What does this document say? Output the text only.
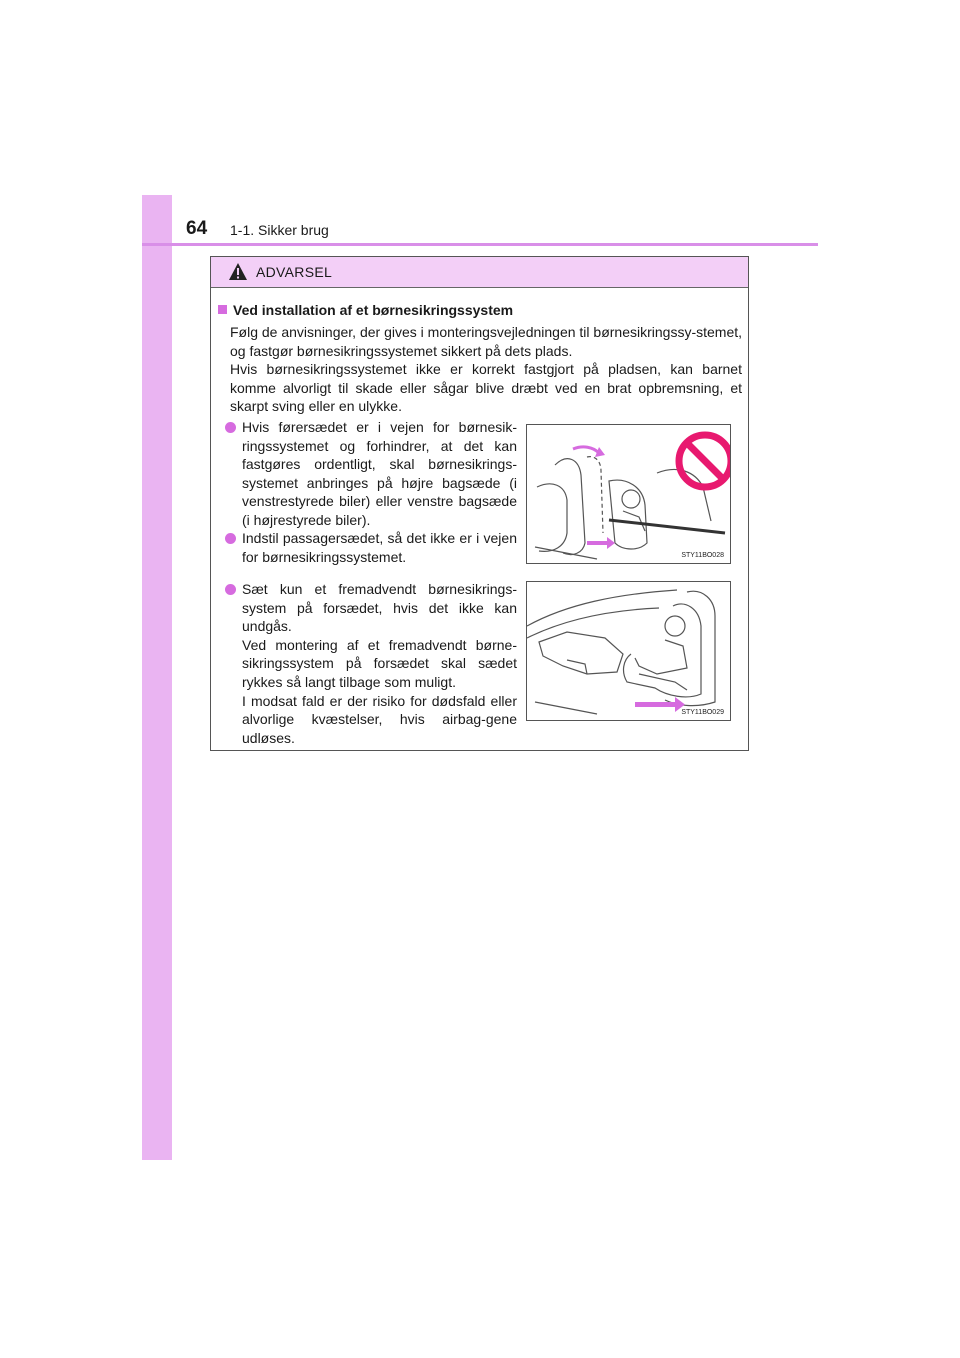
64 1-1. Sikker brug
ADVARSEL
Ved installation af et børnesikringssystem

Følg de anvisninger, der gives i monteringsvejledningen til børnesikringssy-stemet, og fastgør børnesikringssystemet sikkert på dets plads.

Hvis børnesikringssystemet ikke er korrekt fastgjort på pladsen, kan barnet komme alvorligt til skade eller sågar blive dræbt ved en brat opbremsning, et skarpt sving eller en ulykke.

Hvis førersædet er i vejen for børnesik-ringssystemet og forhindrer, at det kan fastgøres ordentligt, skal børnesikrings-systemet anbringes på højre bagsæde (i venstrestyrede biler) eller venstre bagsæde (i højrestyrede biler).

Indstil passagersædet, så det ikke er i vejen for børnesikringssystemet.

Sæt kun et fremadvendt børnesikrings-system på forsædet, hvis det ikke kan undgås.

Ved montering af et fremadvendt børne-sikringssystem på forsædet skal sædet rykkes så langt tilbage som muligt.

I modsat fald er der risiko for dødsfald eller alvorlige kvæstelser, hvis airbag-gene udløses.

STY11BO028
STY11BO029
